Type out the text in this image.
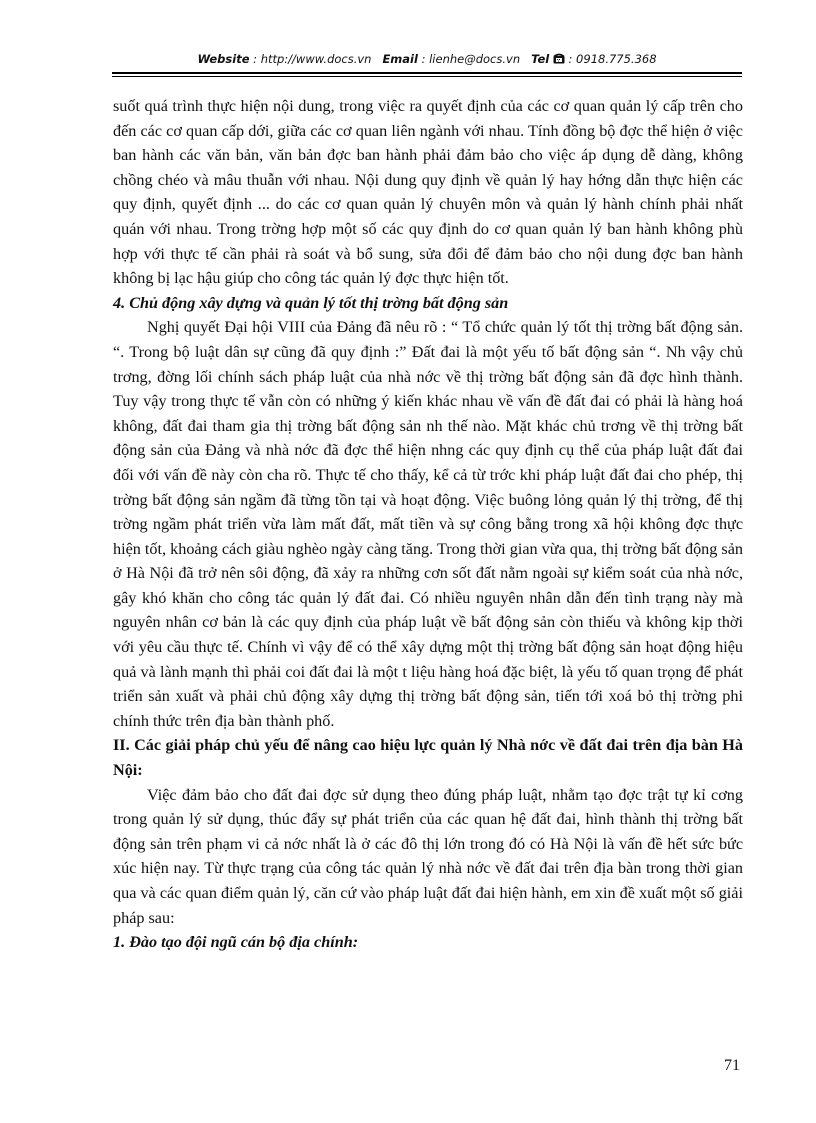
Website : http://www.docs.vn Email : lienhe@docs.vn Tel : 0918.775.368

suốt quá trình thực hiện nội dung, trong việc ra quyết định của các cơ quan quản lý cấp trên cho đến các cơ quan cấp dới, giữa các cơ quan liên ngành với nhau. Tính đồng bộ đợc thể hiện ở việc ban hành các văn bản, văn bản đợc ban hành phải đảm bảo cho việc áp dụng dễ dàng, không chồng chéo và mâu thuẫn với nhau. Nội dung quy định về quản lý hay hớng dẫn thực hiện các quy định, quyết định ... do các cơ quan quản lý chuyên môn và quản lý hành chính phải nhất quán với nhau. Trong trờng hợp một số các quy định do cơ quan quản lý ban hành không phù hợp với thực tế cần phải rà soát và bổ sung, sửa đổi để đảm bảo cho nội dung đợc ban hành không bị lạc hậu giúp cho công tác quản lý đợc thực hiện tốt.

4. Chủ động xây dựng và quản lý tốt thị trờng bất động sản

Nghị quyết Đại hội VIII của Đảng đã nêu rõ : “ Tổ chức quản lý tốt thị trờng bất động sản. “. Trong bộ luật dân sự cũng đã quy định :” Đất đai là một yếu tố bất động sản “. Nh vậy chủ trơng, đờng lối chính sách pháp luật của nhà nớc về thị trờng bất động sản đã đợc hình thành. Tuy vậy trong thực tế vẫn còn có những ý kiến khác nhau về vấn đề đất đai có phải là hàng hoá không, đất đai tham gia thị trờng bất động sản nh thế nào. Mặt khác chủ trơng về thị trờng bất động sản của Đảng và nhà nớc đã đợc thể hiện nhng các quy định cụ thể của pháp luật đất đai đối với vấn đề này còn cha rõ. Thực tế cho thấy, kể cả từ trớc khi pháp luật đất đai cho phép, thị trờng bất động sản ngầm đã từng tồn tại và hoạt động. Việc buông lỏng quản lý thị trờng, để thị trờng ngầm phát triển vừa làm mất đất, mất tiền và sự công bằng trong xã hội không đợc thực hiện tốt, khoảng cách giàu nghèo ngày càng tăng. Trong thời gian vừa qua, thị trờng bất động sản ở Hà Nội đã trở nên sôi động, đã xảy ra những cơn sốt đất nằm ngoài sự kiểm soát của nhà nớc, gây khó khăn cho công tác quản lý đất đai. Có nhiều nguyên nhân dẫn đến tình trạng này mà nguyên nhân cơ bản là các quy định của pháp luật về bất động sản còn thiếu và không kịp thời với yêu cầu thực tế. Chính vì vậy để có thể xây dựng một thị trờng bất động sản hoạt động hiệu quả và lành mạnh thì phải coi đất đai là một t liệu hàng hoá đặc biệt, là yếu tố quan trọng để phát triển sản xuất và phải chủ động xây dựng thị trờng bất động sản, tiến tới xoá bỏ thị trờng phi chính thức trên địa bàn thành phố.

II. Các giải pháp chủ yếu để nâng cao hiệu lực quản lý Nhà nớc về đất đai trên địa bàn Hà Nội:

Việc đảm bảo cho đất đai đợc sử dụng theo đúng pháp luật, nhằm tạo đợc trật tự kỉ cơng trong quản lý sử dụng, thúc đẩy sự phát triển của các quan hệ đất đai, hình thành thị trờng bất động sản trên phạm vi cả nớc nhất là ở các đô thị lớn trong đó có Hà Nội là vấn đề hết sức bức xúc hiện nay. Từ thực trạng của công tác quản lý nhà nớc về đất đai trên địa bàn trong thời gian qua và các quan điểm quản lý, căn cứ vào pháp luật đất đai hiện hành, em xin đề xuất một số giải pháp sau:

1. Đào tạo đội ngũ cán bộ địa chính:

71
